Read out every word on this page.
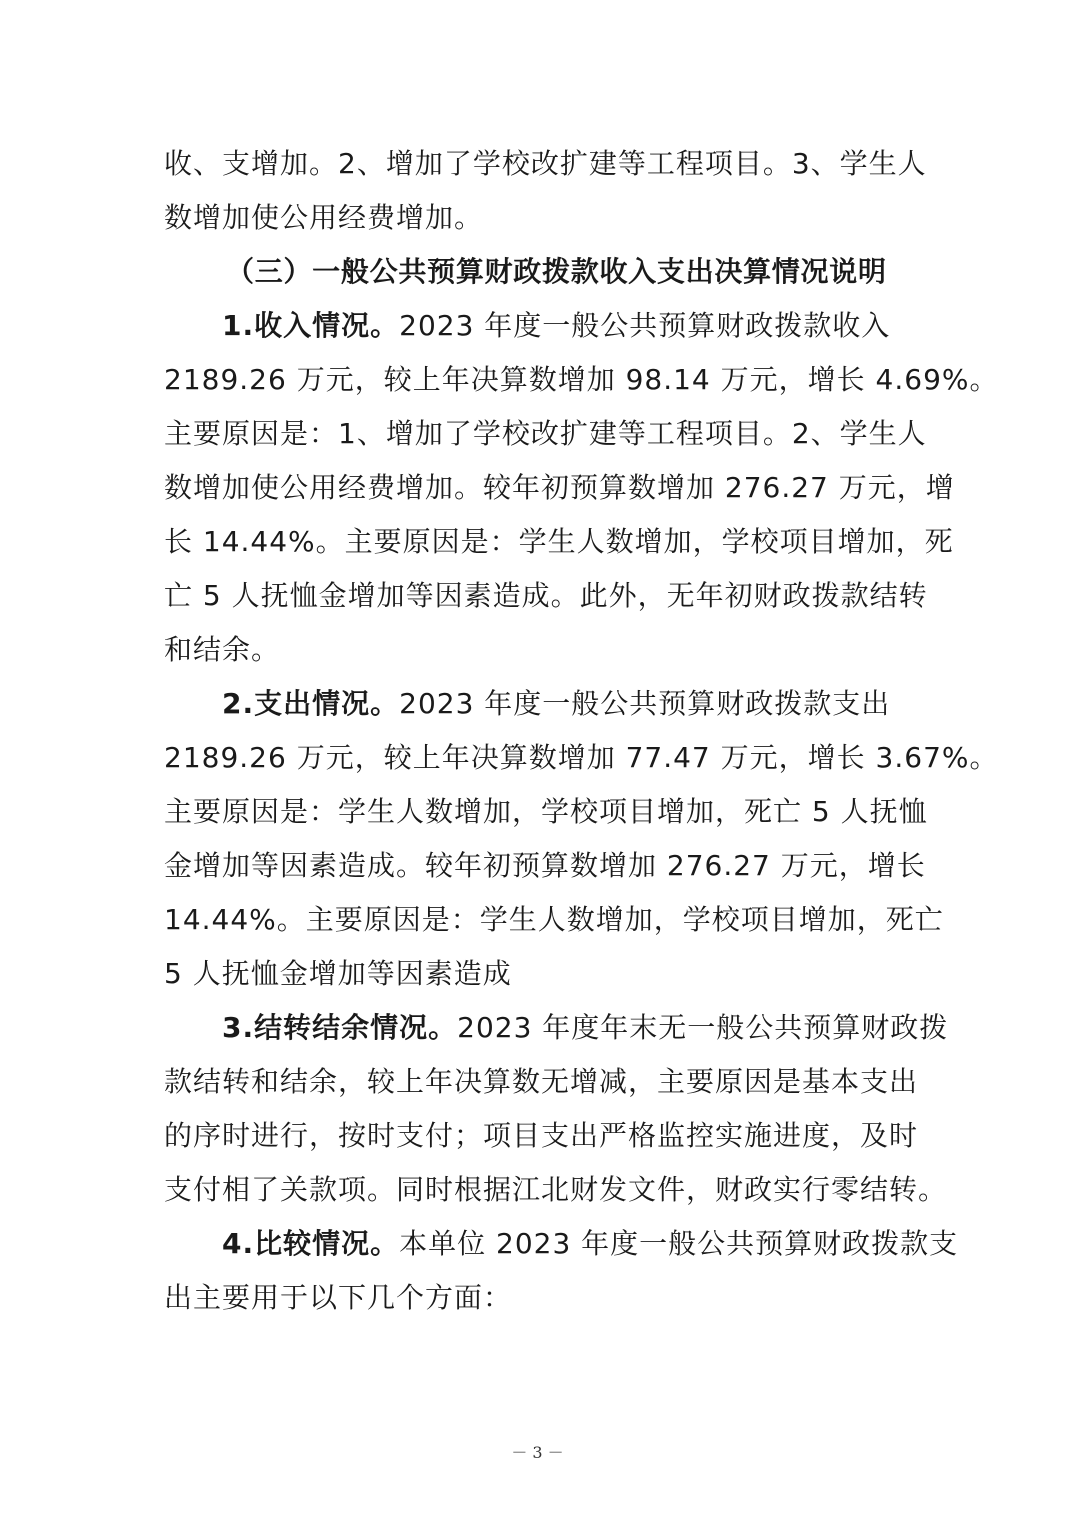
收、支增加。2、增加了学校改扩建等工程项目。3、学生人
数增加使公用经费增加。
（三）一般公共预算财政拨款收入支出决算情况说明
1.收入情况。2023 年度一般公共预算财政拨款收入
2189.26 万元，较上年决算数增加 98.14 万元，增长 4.69%。
主要原因是：1、增加了学校改扩建等工程项目。2、学生人
数增加使公用经费增加。较年初预算数增加 276.27 万元，增
长 14.44%。主要原因是：学生人数增加，学校项目增加，死
亡 5 人抚恤金增加等因素造成。此外，无年初财政拨款结转
和结余。
2.支出情况。2023 年度一般公共预算财政拨款支出
2189.26 万元，较上年决算数增加 77.47 万元，增长 3.67%。
主要原因是：学生人数增加，学校项目增加，死亡 5 人抚恤
金增加等因素造成。较年初预算数增加 276.27 万元，增长
14.44%。主要原因是：学生人数增加，学校项目增加，死亡
5 人抚恤金增加等因素造成
3.结转结余情况。2023 年度年末无一般公共预算财政拨
款结转和结余，较上年决算数无增减，主要原因是基本支出
的序时进行，按时支付；项目支出严格监控实施进度，及时
支付相了关款项。同时根据江北财发文件，财政实行零结转。
4.比较情况。本单位 2023 年度一般公共预算财政拨款支
出主要用于以下几个方面：
－ 3 －
